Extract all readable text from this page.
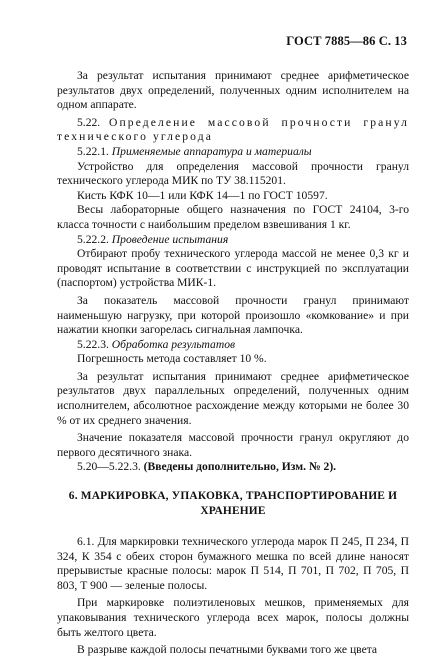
ГОСТ 7885—86 С. 13

За результат испытания принимают среднее арифметическое результатов двух определений, полученных одним исполнителем на одном аппарате.

5.22. Определение массовой прочности гранул технического углерода

5.22.1. Применяемые аппаратура и материалы

Устройство для определения массовой прочности гранул технического углерода МИК по ТУ 38.115201.

Кисть КФК 10—1 или КФК 14—1 по ГОСТ 10597.

Весы лабораторные общего назначения по ГОСТ 24104, 3-го класса точности с наибольшим пределом взвешивания 1 кг.

5.22.2. Проведение испытания

Отбирают пробу технического углерода массой не менее 0,3 кг и проводят испытание в соответствии с инструкцией по эксплуатации (паспортом) устройства МИК-1.

За показатель массовой прочности гранул принимают наименьшую нагрузку, при которой произошло «комкование» и при нажатии кнопки загорелась сигнальная лампочка.

5.22.3. Обработка результатов

Погрешность метода составляет 10 %.

За результат испытания принимают среднее арифметическое результатов двух параллельных определений, полученных одним исполнителем, абсолютное расхождение между которыми не более 30 % от их среднего значения.

Значение показателя массовой прочности гранул округляют до первого десятичного знака.

5.20—5.22.3. (Введены дополнительно, Изм. № 2).

6. МАРКИРОВКА, УПАКОВКА, ТРАНСПОРТИРОВАНИЕ И ХРАНЕНИЕ

6.1. Для маркировки технического углерода марок П 245, П 234, П 324, К 354 с обеих сторон бумажного мешка по всей длине наносят прерывистые красные полосы: марок П 514, П 701, П 702, П 705, П 803, Т 900 — зеленые полосы.

При маркировке полиэтиленовых мешков, применяемых для упаковывания технического углерода всех марок, полосы должны быть желтого цвета.

В разрыве каждой полосы печатными буквами того же цвета
